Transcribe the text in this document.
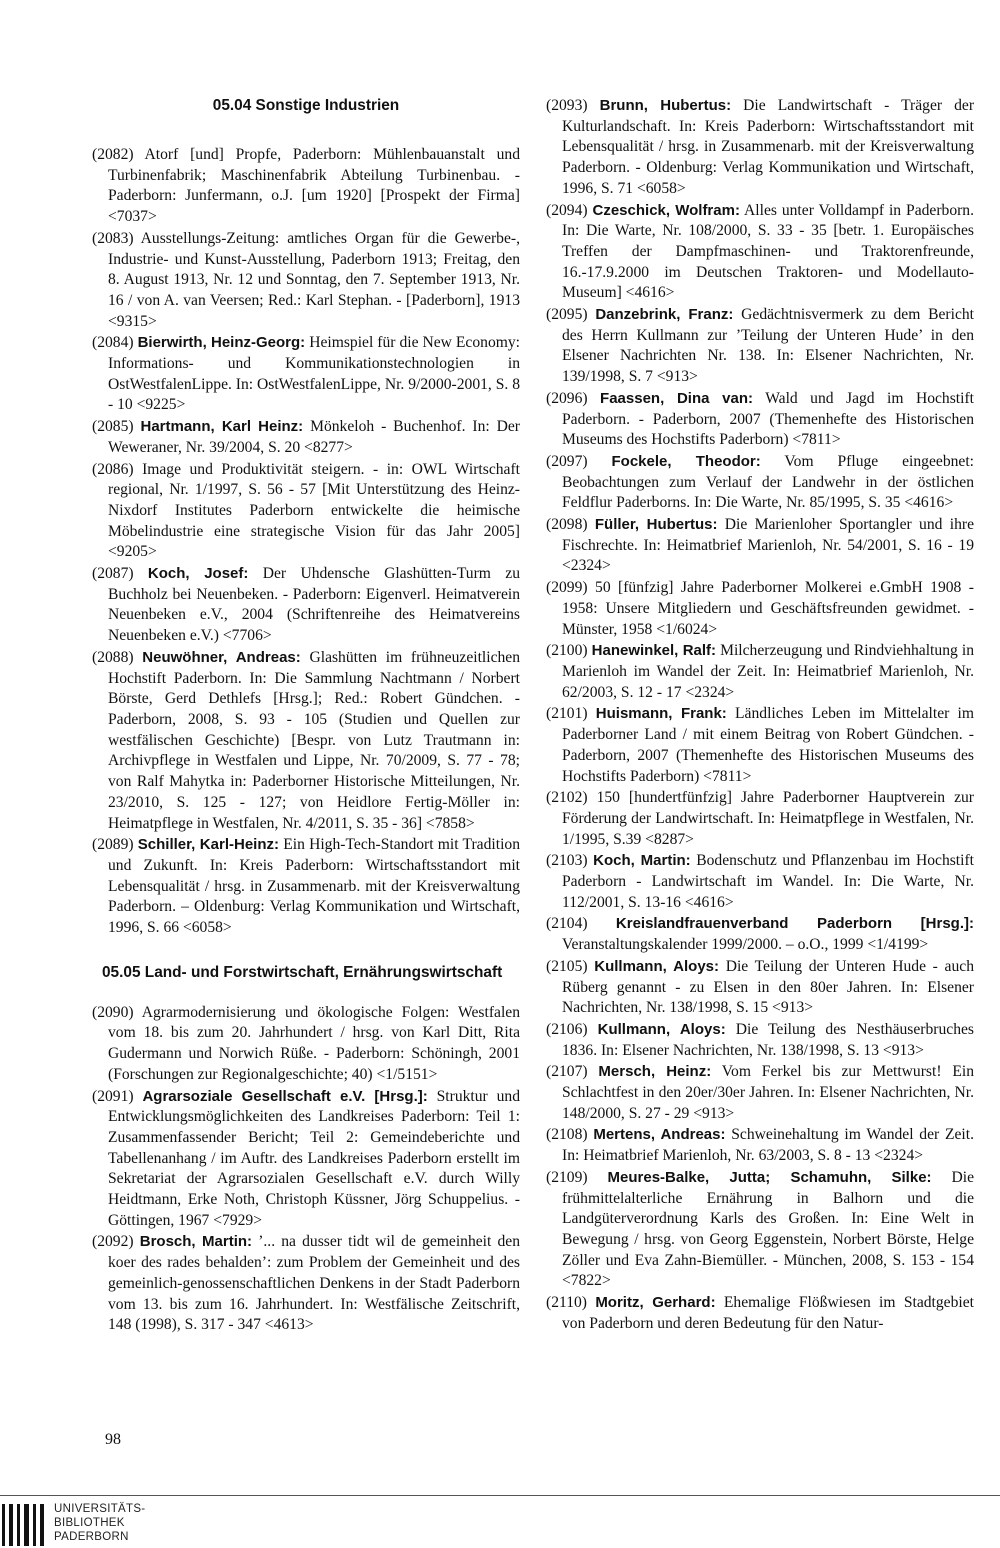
05.04 Sonstige Industrien
(2082) Atorf [und] Propfe, Paderborn: Mühlenbauanstalt und Turbinenfabrik; Maschinenfabrik Abteilung Turbinenbau. - Paderborn: Junfermann, o.J. [um 1920] [Prospekt der Firma] <7037>
(2083) Ausstellungs-Zeitung: amtliches Organ für die Gewerbe-, Industrie- und Kunst-Ausstellung, Paderborn 1913; Freitag, den 8. August 1913, Nr. 12 und Sonntag, den 7. September 1913, Nr. 16 / von A. van Veersen; Red.: Karl Stephan. - [Paderborn], 1913 <9315>
(2084) Bierwirth, Heinz-Georg: Heimspiel für die New Economy: Informations- und Kommunikationstechnologien in OstWestfalenLippe. In: OstWestfalenLippe, Nr. 9/2000-2001, S. 8 - 10 <9225>
(2085) Hartmann, Karl Heinz: Mönkeloh - Buchenhof. In: Der Weweraner, Nr. 39/2004, S. 20 <8277>
(2086) Image und Produktivität steigern. - in: OWL Wirtschaft regional, Nr. 1/1997, S. 56 - 57 [Mit Unterstützung des Heinz-Nixdorf Institutes Paderborn entwickelte die heimische Möbelindustrie eine strategische Vision für das Jahr 2005] <9205>
(2087) Koch, Josef: Der Uhdensche Glashütten-Turm zu Buchholz bei Neuenbeken. - Paderborn: Eigenverl. Heimatverein Neuenbeken e.V., 2004 (Schriftenreihe des Heimatvereins Neuenbeken e.V.) <7706>
(2088) Neuwöhner, Andreas: Glashütten im frühneuzeitlichen Hochstift Paderborn. In: Die Sammlung Nachtmann / Norbert Börste, Gerd Dethlefs [Hrsg.]; Red.: Robert Gündchen. - Paderborn, 2008, S. 93 - 105 (Studien und Quellen zur westfälischen Geschichte) [Bespr. von Lutz Trautmann in: Archivpflege in Westfalen und Lippe, Nr. 70/2009, S. 77 - 78; von Ralf Mahytka in: Paderborner Historische Mitteilungen, Nr. 23/2010, S. 125 - 127; von Heidlore Fertig-Möller in: Heimatpflege in Westfalen, Nr. 4/2011, S. 35 - 36] <7858>
(2089) Schiller, Karl-Heinz: Ein High-Tech-Standort mit Tradition und Zukunft. In: Kreis Paderborn: Wirtschaftsstandort mit Lebensqualität / hrsg. in Zusammenarb. mit der Kreisverwaltung Paderborn. – Oldenburg: Verlag Kommunikation und Wirtschaft, 1996, S. 66 <6058>
05.05 Land- und Forstwirtschaft, Ernährungswirtschaft
(2090) Agrarmodernisierung und ökologische Folgen: Westfalen vom 18. bis zum 20. Jahrhundert / hrsg. von Karl Ditt, Rita Gudermann und Norwich Rüße. - Paderborn: Schöningh, 2001 (Forschungen zur Regionalgeschichte; 40) <1/5151>
(2091) Agrarsoziale Gesellschaft e.V. [Hrsg.]: Struktur und Entwicklungsmöglichkeiten des Landkreises Paderborn: Teil 1: Zusammenfassender Bericht; Teil 2: Gemeindeberichte und Tabellenanhang / im Auftr. des Landkreises Paderborn erstellt im Sekretariat der Agrarsozialen Gesellschaft e.V. durch Willy Heidtmann, Erke Noth, Christoph Küssner, Jörg Schuppelius. - Göttingen, 1967 <7929>
(2092) Brosch, Martin: ’... na dusser tidt wil de gemeinheit den koer des rades behalden’: zum Problem der Gemeinheit und des gemeinlich-genossenschaftlichen Denkens in der Stadt Paderborn vom 13. bis zum 16. Jahrhundert. In: Westfälische Zeitschrift, 148 (1998), S. 317 - 347 <4613>
(2093) Brunn, Hubertus: Die Landwirtschaft - Träger der Kulturlandschaft. In: Kreis Paderborn: Wirtschaftsstandort mit Lebensqualität / hrsg. in Zusammenarb. mit der Kreisverwaltung Paderborn. - Oldenburg: Verlag Kommunikation und Wirtschaft, 1996, S. 71 <6058>
(2094) Czeschick, Wolfram: Alles unter Volldampf in Paderborn. In: Die Warte, Nr. 108/2000, S. 33 - 35 [betr. 1. Europäisches Treffen der Dampfmaschinen- und Traktorenfreunde, 16.-17.9.2000 im Deutschen Traktoren- und Modellauto-Museum] <4616>
(2095) Danzebrink, Franz: Gedächtnisvermerk zu dem Bericht des Herrn Kullmann zur ’Teilung der Unteren Hude’ in den Elsener Nachrichten Nr. 138. In: Elsener Nachrichten, Nr. 139/1998, S. 7 <913>
(2096) Faassen, Dina van: Wald und Jagd im Hochstift Paderborn. - Paderborn, 2007 (Themenhefte des Historischen Museums des Hochstifts Paderborn) <7811>
(2097) Fockele, Theodor: Vom Pfluge eingeebnet: Beobachtungen zum Verlauf der Landwehr in der östlichen Feldflur Paderborns. In: Die Warte, Nr. 85/1995, S. 35 <4616>
(2098) Füller, Hubertus: Die Marienloher Sportangler und ihre Fischrechte. In: Heimatbrief Marienloh, Nr. 54/2001, S. 16 - 19 <2324>
(2099) 50 [fünfzig] Jahre Paderborner Molkerei e.GmbH 1908 - 1958: Unsere Mitgliedern und Geschäftsfreunden gewidmet. - Münster, 1958 <1/6024>
(2100) Hanewinkel, Ralf: Milcherzeugung und Rindviehhaltung in Marienloh im Wandel der Zeit. In: Heimatbrief Marienloh, Nr. 62/2003, S. 12 - 17 <2324>
(2101) Huismann, Frank: Ländliches Leben im Mittelalter im Paderborner Land / mit einem Beitrag von Robert Gündchen. - Paderborn, 2007 (Themenhefte des Historischen Museums des Hochstifts Paderborn) <7811>
(2102) 150 [hundertfünfzig] Jahre Paderborner Hauptverein zur Förderung der Landwirtschaft. In: Heimatpflege in Westfalen, Nr. 1/1995, S.39 <8287>
(2103) Koch, Martin: Bodenschutz und Pflanzenbau im Hochstift Paderborn - Landwirtschaft im Wandel. In: Die Warte, Nr. 112/2001, S. 13-16 <4616>
(2104) Kreislandfrauenverband Paderborn [Hrsg.]: Veranstaltungskalender 1999/2000. – o.O., 1999 <1/4199>
(2105) Kullmann, Aloys: Die Teilung der Unteren Hude - auch Rüberg genannt - zu Elsen in den 80er Jahren. In: Elsener Nachrichten, Nr. 138/1998, S. 15 <913>
(2106) Kullmann, Aloys: Die Teilung des Nesthäuserbruches 1836. In: Elsener Nachrichten, Nr. 138/1998, S. 13 <913>
(2107) Mersch, Heinz: Vom Ferkel bis zur Mettwurst! Ein Schlachtfest in den 20er/30er Jahren. In: Elsener Nachrichten, Nr. 148/2000, S. 27 - 29 <913>
(2108) Mertens, Andreas: Schweinehaltung im Wandel der Zeit. In: Heimatbrief Marienloh, Nr. 63/2003, S. 8 - 13 <2324>
(2109) Meures-Balke, Jutta; Schamuhn, Silke: Die frühmittelalterliche Ernährung in Balhorn und die Landgüterverordnung Karls des Großen. In: Eine Welt in Bewegung / hrsg. von Georg Eggenstein, Norbert Börste, Helge Zöller und Eva Zahn-Biemüller. - München, 2008, S. 153 - 154 <7822>
(2110) Moritz, Gerhard: Ehemalige Flößwiesen im Stadtgebiet von Paderborn und deren Bedeutung für den Natur-
98
UNIVERSITÄTS-
BIBLIOTHEK
PADERBORN
